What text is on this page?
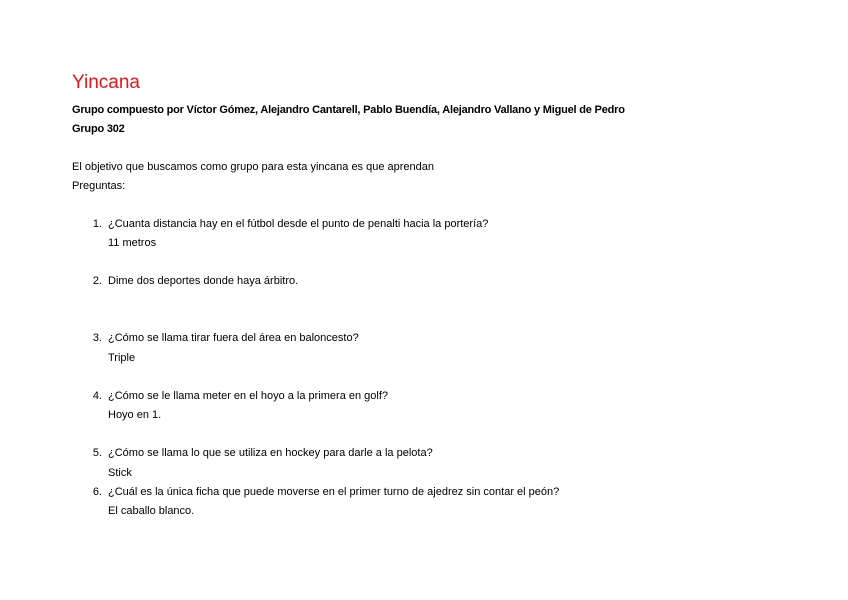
Yincana
Grupo compuesto por Víctor Gómez, Alejandro Cantarell, Pablo Buendía, Alejandro Vallano y Miguel de Pedro
Grupo 302
El objetivo que buscamos como grupo para esta yincana es que aprendan
Preguntas:
1. ¿Cuanta distancia hay en el fútbol desde el punto de penalti hacia la portería?
11 metros
2. Dime dos deportes donde haya árbitro.
3. ¿Cómo se llama tirar fuera del área en baloncesto?
Triple
4. ¿Cómo se le llama meter en el hoyo a la primera en golf?
Hoyo en 1.
5. ¿Cómo se llama lo que se utiliza en hockey para darle a la pelota?
Stick
6. ¿Cuál es la única ficha que puede moverse en el primer turno de ajedrez sin contar el peón?
El caballo blanco.
